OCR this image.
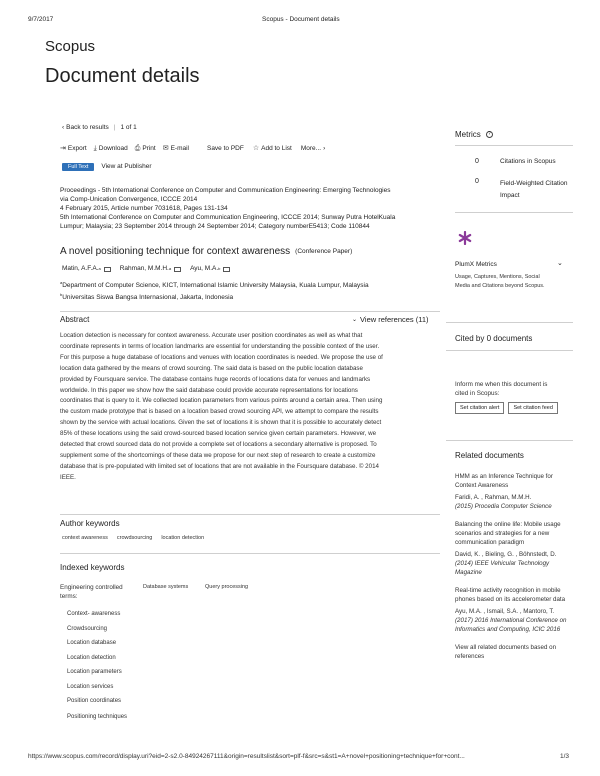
9/7/2017	Scopus - Document details
Scopus
Document details
‹ Back to results | 1 of 1
⇥ Export ⤓ Download ⎙ Print ✉ E-mail	Save to PDF ☆ Add to List More... ›
Full Text	View at Publisher
Proceedings - 5th International Conference on Computer and Communication Engineering: Emerging Technologies
via Comp-Unication Convergence, ICCCE 2014
4 February 2015, Article number 7031618, Pages 131-134
5th International Conference on Computer and Communication Engineering, ICCCE 2014; Sunway Putra HotelKuala
Lumpur; Malaysia; 23 September 2014 through 24 September 2014; Category numberE5413; Code 110844
A novel positioning technique for context awareness (Conference Paper)
Matin, A.F.A. a	Rahman, M.M.H. a	Ayu, M.A. b
$^a$Department of Computer Science, KICT, International Islamic University Malaysia, Kuala Lumpur, Malaysia
$^b$Universitas Siswa Bangsa Internasional, Jakarta, Indonesia
Abstract	⌄ View references (11)
Location detection is necessary for context awareness. Accurate user position coordinates as well as what that
coordinate represents in terms of location landmarks are essential for understanding the possible context of the user.
For this purpose a huge database of locations and venues with location coordinates is needed. We propose the use of
location data gathered by the means of crowd sourcing. The said data is based on the public location database
provided by Foursquare service. The database contains huge records of locations data for venues and landmarks
worldwide. In this paper we show how the said database could provide accurate representations for locations
coordinates that is query to it. We collected location parameters from various points around a certain area. Then using
the custom made prototype that is based on a location based crowd sourcing API, we attempt to compare the results
shown by the service with actual locations. Given the set of locations it is shown that it is possible to accurately detect
85% of these locations using the said crowd-sourced based location service given certain parameters. However, we
detected that crowd sourced data do not provide a complete set of locations a secondary alternative is proposed. To
supplement some of the shortcomings of these data we propose for our next step of research to create a customize
database that is pre-populated with limited set of locations that are not available in the Foursquare database. © 2014
IEEE.
Author keywords
context awareness crowdsourcing location detection
Indexed keywords
Engineering controlled terms:
Database systems	Query processing
Context- awareness
Crowdsourcing
Location database
Location detection
Location parameters
Location services
Position coordinates
Positioning techniques
Metrics	?
0	Citations in Scopus
0	Field-Weighted Citation Impact
PlumX Metrics	⌄
Usage, Captures, Mentions, Social Media and Citations beyond Scopus.
Cited by 0 documents
Inform me when this document is cited in Scopus:
Set citation alert	Set citation feed
Related documents
HMM as an Inference Technique for Context Awareness
Faridi, A. , Rahman, M.M.H.
(2015) Procedia Computer Science
Balancing the online life: Mobile usage scenarios and strategies for a new communication paradigm
David, K. , Bieling, G. , Böhnstedt, D.
(2014) IEEE Vehicular Technology Magazine
Real-time activity recognition in mobile phones based on its accelerometer data
Ayu, M.A. , Ismail, S.A. , Mantoro, T.
(2017) 2016 International Conference on Informatics and Computing, ICIC 2016
View all related documents based on references
https://www.scopus.com/record/display.uri?eid=2-s2.0-84924267111&origin=resultslist&sort=plf-f&src=s&st1=A+novel+positioning+technique+for+cont...	1/3
